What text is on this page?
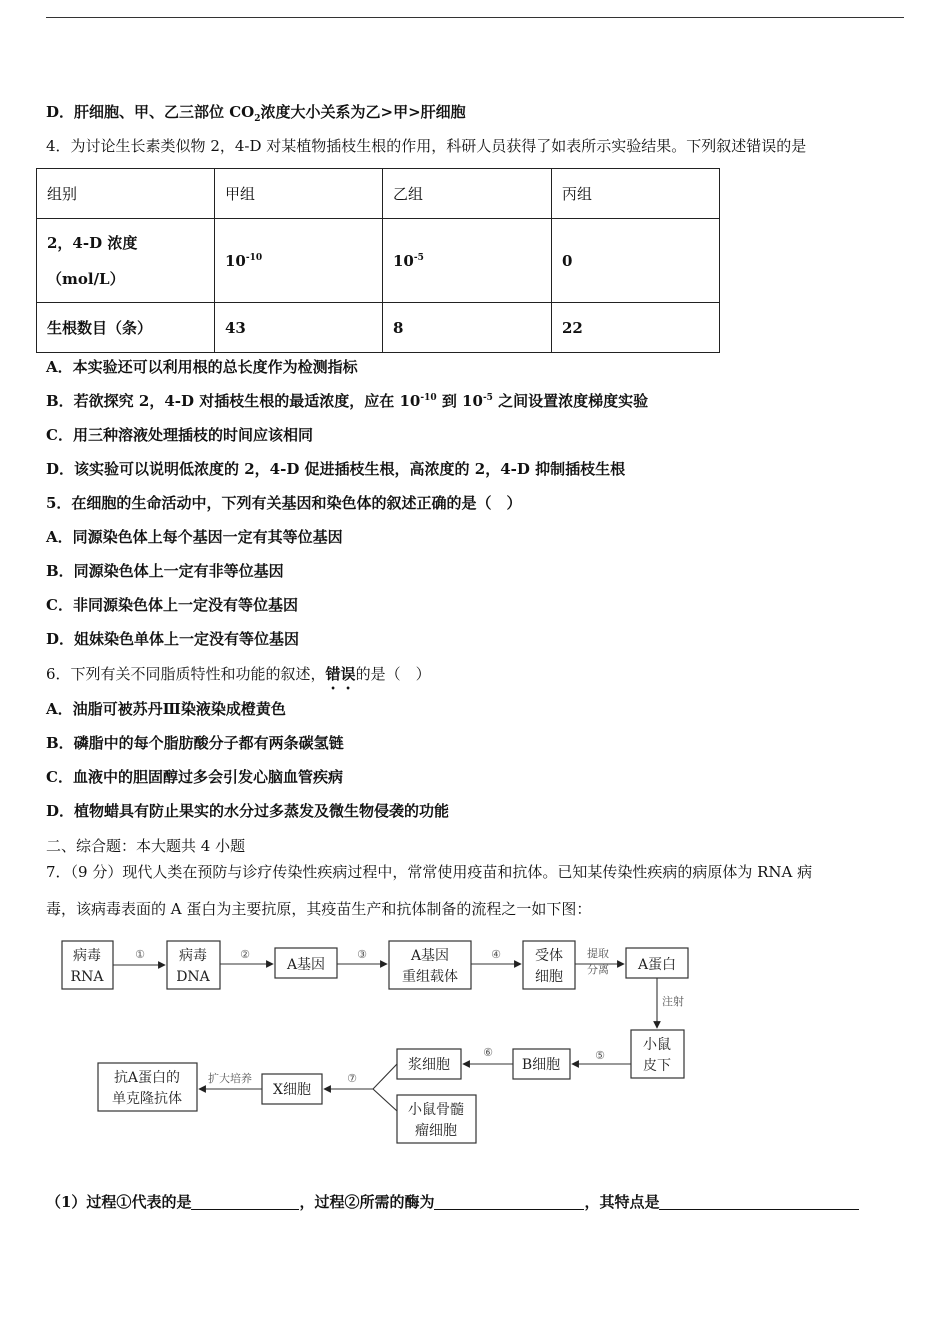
D．肝细胞、甲、乙三部位 $CO_2$浓度大小关系为乙>甲>肝细胞
4．为讨论生长素类似物 2，4-D 对某植物插枝生根的作用，科研人员获得了如表所示实验结果。下列叙述错误的是
组别	甲组	乙组	丙组

2，4-D 浓度
（mol/L）	$10^{-10}$	$10^{-5}$	0
生根数目（条）	43	8	22
A．本实验还可以利用根的总长度作为检测指标
B．若欲探究 2，4-D 对插枝生根的最适浓度，应在 $10^{-10}$ 到 $10^{-5}$ 之间设置浓度梯度实验
C．用三种溶液处理插枝的时间应该相同
D．该实验可以说明低浓度的 2，4-D 促进插枝生根，高浓度的 2，4-D 抑制插枝生根
5．在细胞的生命活动中，下列有关基因和染色体的叙述正确的是（　）
A．同源染色体上每个基因一定有其等位基因
B．同源染色体上一定有非等位基因
C．非同源染色体上一定没有等位基因
D．姐妹染色单体上一定没有等位基因
6．下列有关不同脂质特性和功能的叙述，错误的是（　）
A．油脂可被苏丹Ⅲ染液染成橙黄色
B．磷脂中的每个脂肪酸分子都有两条碳氢链
C．血液中的胆固醇过多会引发心脑血管疾病
D．植物蜡具有防止果实的水分过多蒸发及微生物侵袭的功能
二、综合题：本大题共 4 小题
7．（9 分）现代人类在预防与诊疗传染性疾病过程中，常常使用疫苗和抗体。已知某传染性疾病的病原体为 RNA 病
毒，该病毒表面的 A 蛋白为主要抗原，其疫苗生产和抗体制备的流程之一如下图：
病毒
RNA
病毒
DNA
A基因
A基因
重组载体
受体
细胞
A蛋白
小鼠
皮下
B细胞
浆细胞
小鼠骨髓
瘤细胞
X细胞
抗A蛋白的
单克隆抗体
①	②	③	④
⑤
⑥
⑦
提取
分离
注射
扩大培养
（1）过程①代表的是	，过程②所需的酶为	，其特点是
